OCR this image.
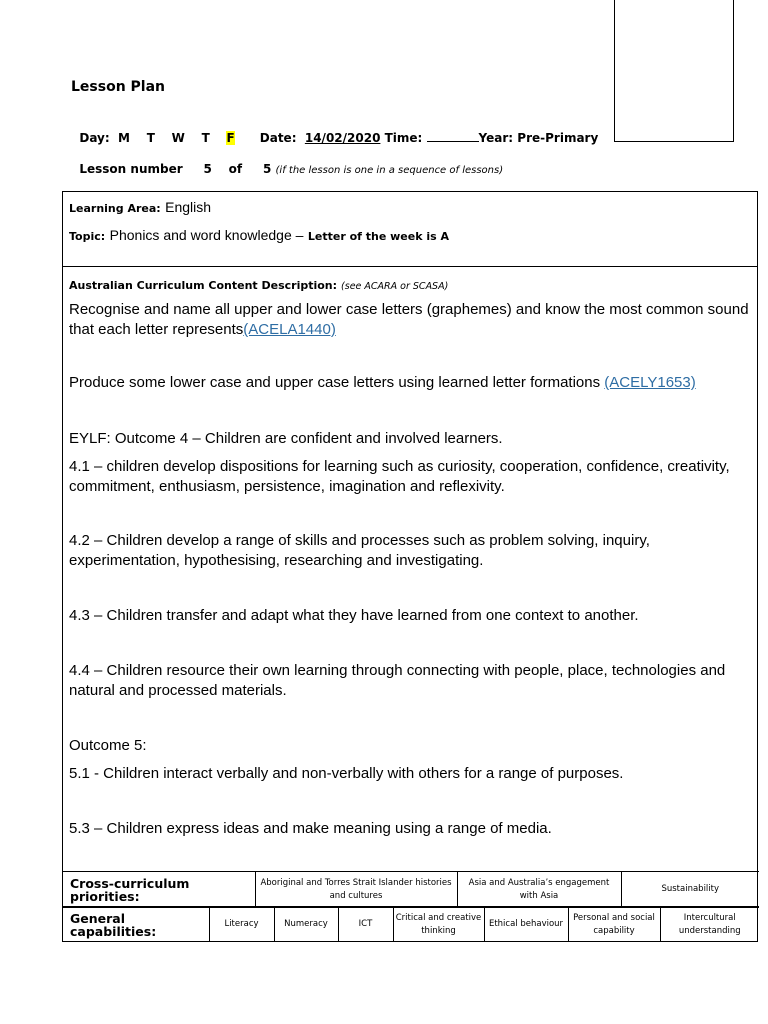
Lesson Plan

Day: M T W T F Date: 14/02/2020 Time:	Year: Pre-Primary

Lesson number 5 of 5 (if the lesson is one in a sequence of lessons)

Learning Area: English
Topic: Phonics and word knowledge – Letter of the week is A
Australian Curriculum Content Description: (see ACARA or SCASA)
Recognise and name all upper and lower case letters (graphemes) and know the most common sound that each letter represents(ACELA1440)
Produce some lower case and upper case letters using learned letter formations (ACELY1653)
EYLF: Outcome 4 – Children are confident and involved learners.
4.1 – children develop dispositions for learning such as curiosity, cooperation, confidence, creativity, commitment, enthusiasm, persistence, imagination and reflexivity.
4.2 – Children develop a range of skills and processes such as problem solving, inquiry, experimentation, hypothesising, researching and investigating.
4.3 – Children transfer and adapt what they have learned from one context to another.
4.4 – Children resource their own learning through connecting with people, place, technologies and natural and processed materials.
Outcome 5:
5.1 - Children interact verbally and non-verbally with others for a range of purposes.
5.3 – Children express ideas and make meaning using a range of media.
Cross-curriculum priorities:	Aboriginal and Torres Strait Islander histories and cultures	Asia and Australia’s engagement with Asia	Sustainability
General capabilities:	Literacy	Numeracy	ICT	Critical and creative thinking	Ethical behaviour	Personal and social capability	Intercultural understanding
